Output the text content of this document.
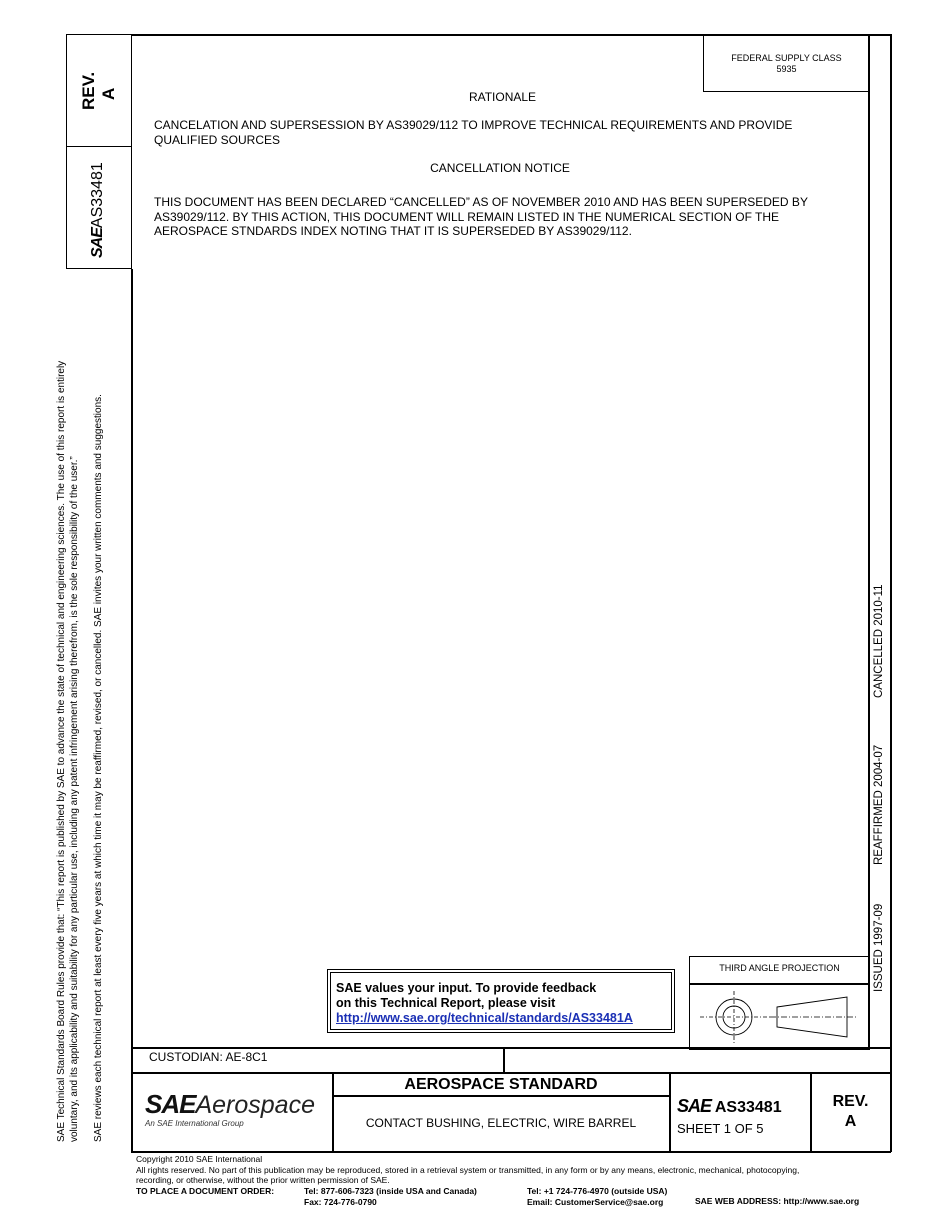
REV. A
SAEAS33481
SAE Technical Standards Board Rules provide that: “This report is published by SAE to advance the state of technical and engineering sciences. The use of this report is entirely voluntary, and its applicability and suitability for any particular use, including any patent infringement arising therefrom, is the sole responsibility of the user.” SAE reviews each technical report at least every five years at which time it may be reaffirmed, revised, or cancelled. SAE invites your written comments and suggestions.
FEDERAL SUPPLY CLASS
5935
RATIONALE
CANCELATION AND SUPERSESSION BY AS39029/112 TO IMPROVE TECHNICAL REQUIREMENTS AND PROVIDE
QUALIFIED SOURCES
CANCELLATION NOTICE
THIS DOCUMENT HAS BEEN DECLARED “CANCELLED” AS OF NOVEMBER 2010 AND HAS BEEN SUPERSEDED BY
AS39029/112. BY THIS ACTION, THIS DOCUMENT WILL REMAIN LISTED IN THE NUMERICAL SECTION OF THE
AEROSPACE STNDARDS INDEX NOTING THAT IT IS SUPERSEDED BY AS39029/112.
ISSUED 1997-09
REAFFIRMED 2004-07
CANCELLED 2010-11
SAE values your input. To provide feedback
on this Technical Report, please visit
http://www.sae.org/technical/standards/AS33481A
THIRD ANGLE PROJECTION
CUSTODIAN: AE-8C1
SAEAerospace
An SAE International Group
AEROSPACE STANDARD
CONTACT BUSHING, ELECTRIC, WIRE BARREL
SAE AS33481
SHEET 1 OF 5
REV.
A
Copyright 2010 SAE International
All rights reserved. No part of this publication may be reproduced, stored in a retrieval system or transmitted, in any form or by any means, electronic, mechanical, photocopying,
recording, or otherwise, without the prior written permission of SAE.
TO PLACE A DOCUMENT ORDER:	Tel: 877-606-7323 (inside USA and Canada)
Fax: 724-776-0790
Tel: +1 724-776-4970 (outside USA)
Email: CustomerService@sae.org	SAE WEB ADDRESS: http://www.sae.org
